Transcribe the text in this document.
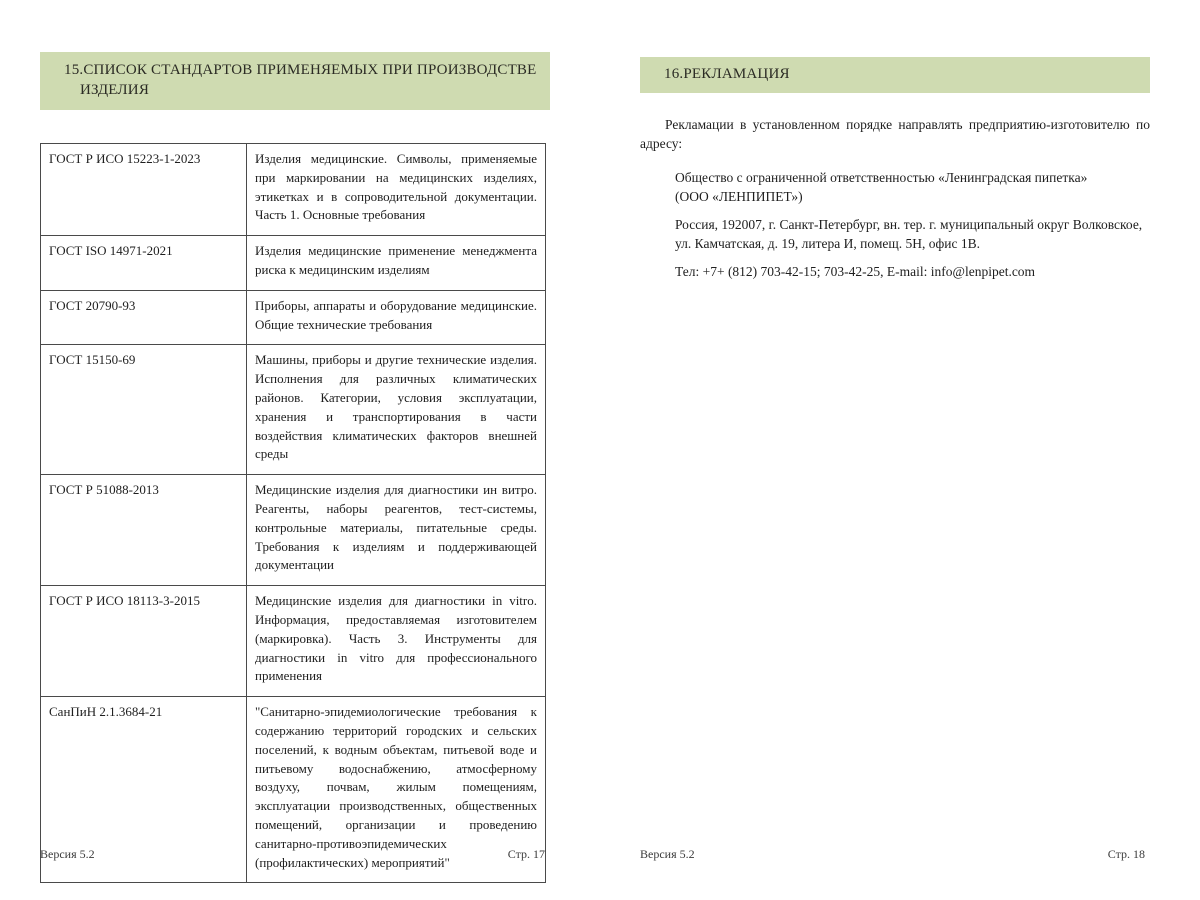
15.СПИСОК СТАНДАРТОВ ПРИМЕНЯЕМЫХ ПРИ ПРОИЗВОДСТВЕ ИЗДЕЛИЯ
ГОСТ Р ИСО 15223-1-2023	Изделия медицинские. Символы, применяемые при маркировании на медицинских изделиях, этикетках и в сопроводительной документации. Часть 1. Основные требования
ГОСТ ISO 14971-2021	Изделия медицинские применение менеджмента риска к медицинским изделиям
ГОСТ 20790-93	Приборы, аппараты и оборудование медицинские. Общие технические требования
ГОСТ 15150-69	Машины, приборы и другие технические изделия. Исполнения для различных климатических районов. Категории, условия эксплуатации, хранения и транспортирования в части воздействия климатических факторов внешней среды
ГОСТ Р 51088-2013	Медицинские изделия для диагностики ин витро. Реагенты, наборы реагентов, тест-системы, контрольные материалы, питательные среды. Требования к изделиям и поддерживающей документации
ГОСТ Р ИСО 18113-3-2015	Медицинские изделия для диагностики in vitro. Информация, предоставляемая изготовителем (маркировка). Часть 3. Инструменты для диагностики in vitro для профессионального применения
СанПиН 2.1.3684-21	"Санитарно-эпидемиологические требования к содержанию территорий городских и сельских поселений, к водным объектам, питьевой воде и питьевому водоснабжению, атмосферному воздуху, почвам, жилым помещениям, эксплуатации производственных, общественных помещений, организации и проведению санитарно-противоэпидемических (профилактических) мероприятий"
Версия 5.2	Стр. 17
16.РЕКЛАМАЦИЯ

Рекламации в установленном порядке направлять предприятию-изготовителю по адресу:

Общество с ограниченной ответственностью «Ленинградская пипетка»
(ООО «ЛЕНПИПЕТ»)

Россия, 192007, г. Санкт-Петербург, вн. тер. г. муниципальный округ Волковское, ул. Камчатская, д. 19, литера И, помещ. 5Н, офис 1В.

Тел: +7+ (812) 703-42-15; 703-42-25, E-mail: info@lenpipet.com

Версия 5.2	Стр. 18
